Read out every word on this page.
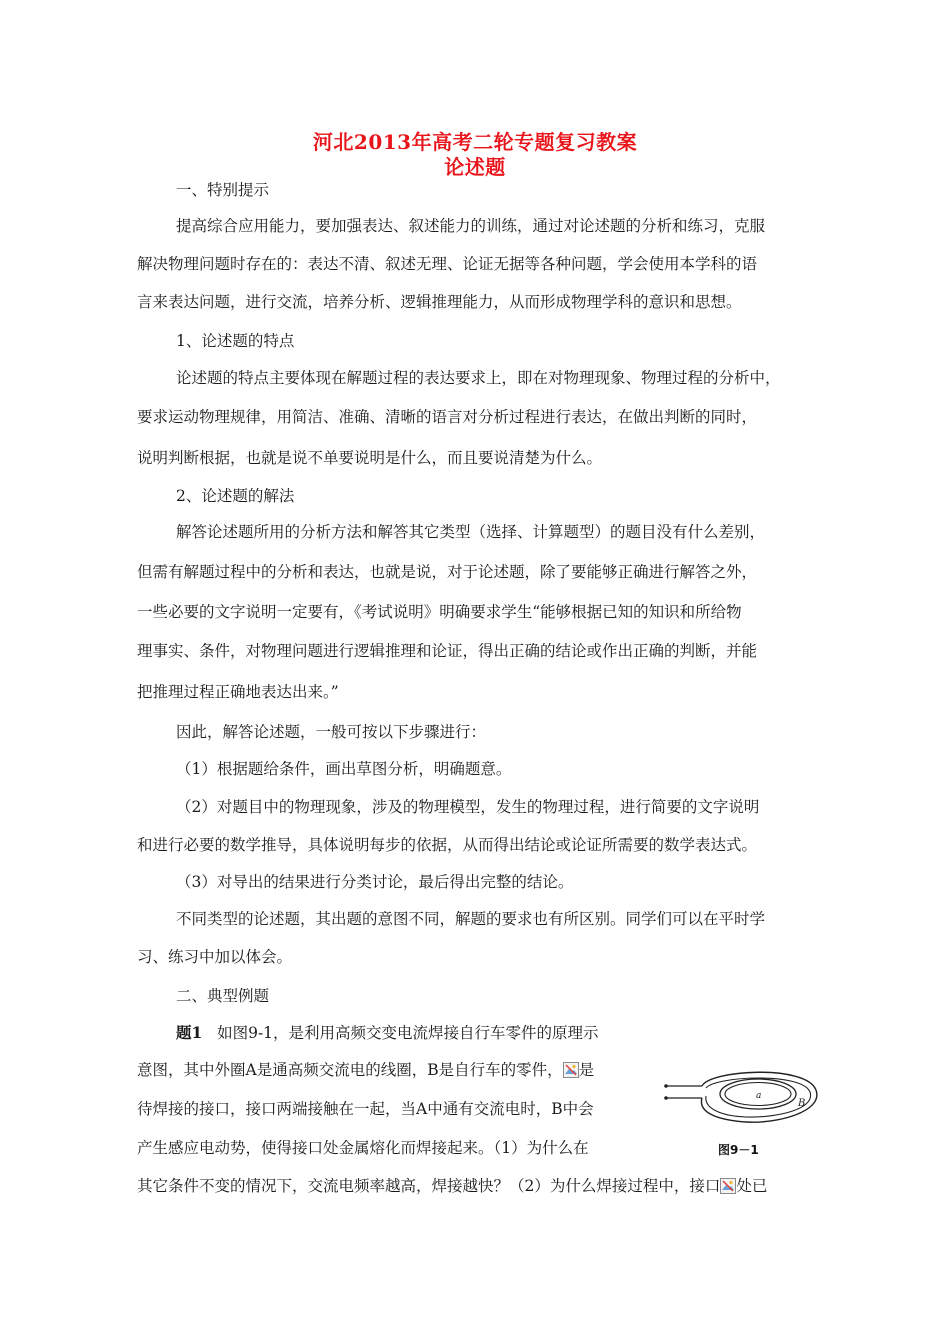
河北2013年高考二轮专题复习教案
论述题
一、特别提示
提高综合应用能力，要加强表达、叙述能力的训练，通过对论述题的分析和练习，克服
解决物理问题时存在的：表达不清、叙述无理、论证无据等各种问题，学会使用本学科的语
言来表达问题，进行交流，培养分析、逻辑推理能力，从而形成物理学科的意识和思想。
1、论述题的特点
论述题的特点主要体现在解题过程的表达要求上，即在对物理现象、物理过程的分析中，
要求运动物理规律，用简洁、准确、清晰的语言对分析过程进行表达，在做出判断的同时，
说明判断根据，也就是说不单要说明是什么，而且要说清楚为什么。
2、论述题的解法
解答论述题所用的分析方法和解答其它类型（选择、计算题型）的题目没有什么差别，
但需有解题过程中的分析和表达，也就是说，对于论述题，除了要能够正确进行解答之外，
一些必要的文字说明一定要有，《考试说明》明确要求学生“能够根据已知的知识和所给物
理事实、条件，对物理问题进行逻辑推理和论证，得出正确的结论或作出正确的判断，并能
把推理过程正确地表达出来。”
因此，解答论述题，一般可按以下步骤进行：
（1）根据题给条件，画出草图分析，明确题意。
（2）对题目中的物理现象，涉及的物理模型，发生的物理过程，进行简要的文字说明
和进行必要的数学推导，具体说明每步的依据，从而得出结论或论证所需要的数学表达式。
（3）对导出的结果进行分类讨论，最后得出完整的结论。
不同类型的论述题，其出题的意图不同，解题的要求也有所区别。同学们可以在平时学
习、练习中加以体会。
二、典型例题
题1 如图9-1，是利用高频交变电流焊接自行车零件的原理示
意图，其中外圈A是通高频交流电的线圈，B是自行车的零件， 是
待焊接的接口，接口两端接触在一起，当A中通有交流电时，B中会
产生感应电动势，使得接口处金属熔化而焊接起来。（1）为什么在
其它条件不变的情况下，交流电频率越高，焊接越快？（2）为什么焊接过程中，接口 处已
a
B
图9－1
